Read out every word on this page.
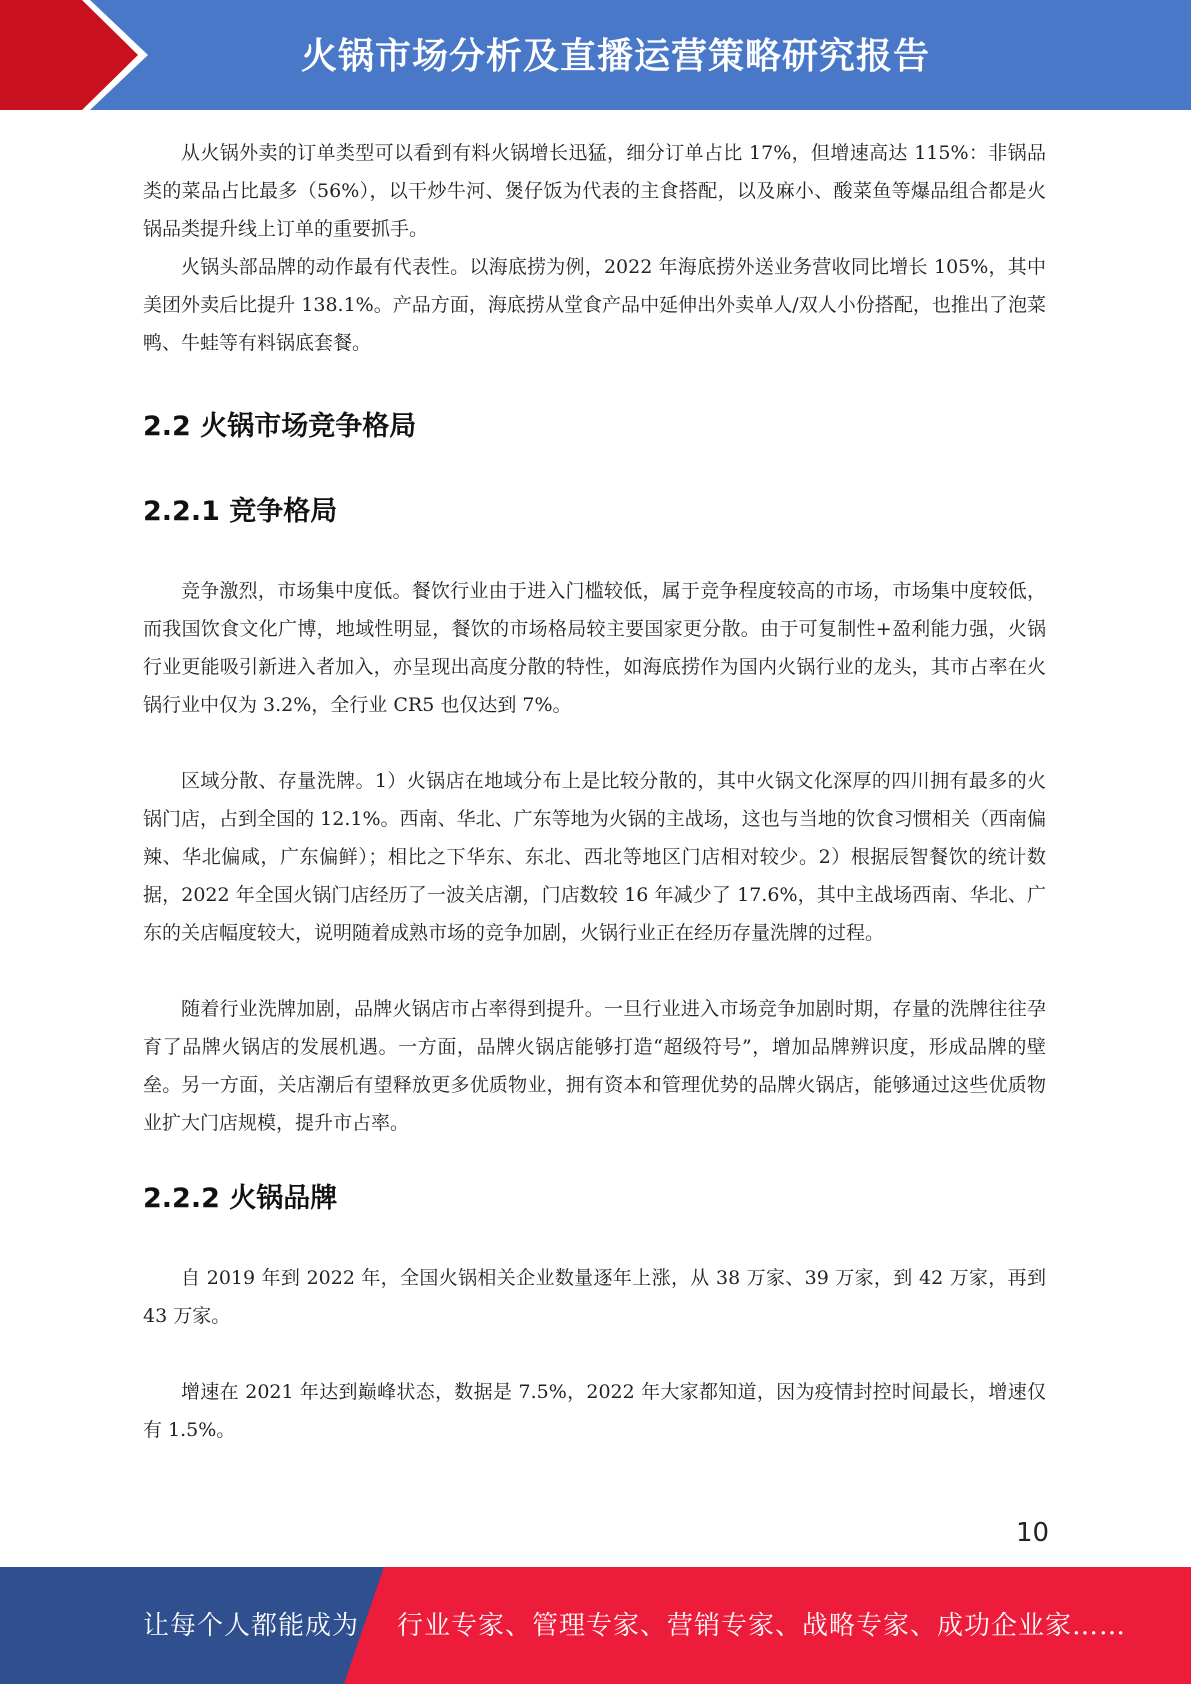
火锅市场分析及直播运营策略研究报告

从火锅外卖的订单类型可以看到有料火锅增长迅猛，细分订单占比 17%，但增速高达 115%：非锅品类的菜品占比最多（56%），以干炒牛河、煲仔饭为代表的主食搭配，以及麻小、酸菜鱼等爆品组合都是火锅品类提升线上订单的重要抓手。

火锅头部品牌的动作最有代表性。以海底捞为例，2022 年海底捞外送业务营收同比增长 105%，其中美团外卖后比提升 138.1%。产品方面，海底捞从堂食产品中延伸出外卖单人/双人小份搭配，也推出了泡菜鸭、牛蛙等有料锅底套餐。

2.2 火锅市场竞争格局
2.2.1 竞争格局

竞争激烈，市场集中度低。餐饮行业由于进入门槛较低，属于竞争程度较高的市场，市场集中度较低，而我国饮食文化广博，地域性明显，餐饮的市场格局较主要国家更分散。由于可复制性+盈利能力强，火锅行业更能吸引新进入者加入，亦呈现出高度分散的特性，如海底捞作为国内火锅行业的龙头，其市占率在火锅行业中仅为 3.2%，全行业 CR5 也仅达到 7%。

区域分散、存量洗牌。1）火锅店在地域分布上是比较分散的，其中火锅文化深厚的四川拥有最多的火锅门店，占到全国的 12.1%。西南、华北、广东等地为火锅的主战场，这也与当地的饮食习惯相关（西南偏辣、华北偏咸，广东偏鲜）；相比之下华东、东北、西北等地区门店相对较少。2）根据辰智餐饮的统计数据，2022 年全国火锅门店经历了一波关店潮，门店数较 16 年减少了 17.6%，其中主战场西南、华北、广东的关店幅度较大，说明随着成熟市场的竞争加剧，火锅行业正在经历存量洗牌的过程。

随着行业洗牌加剧，品牌火锅店市占率得到提升。一旦行业进入市场竞争加剧时期，存量的洗牌往往孕育了品牌火锅店的发展机遇。一方面，品牌火锅店能够打造“超级符号”，增加品牌辨识度，形成品牌的壁垒。另一方面，关店潮后有望释放更多优质物业，拥有资本和管理优势的品牌火锅店，能够通过这些优质物业扩大门店规模，提升市占率。

2.2.2 火锅品牌

自 2019 年到 2022 年，全国火锅相关企业数量逐年上涨，从 38 万家、39 万家，到 42 万家，再到 43 万家。

增速在 2021 年达到巅峰状态，数据是 7.5%，2022 年大家都知道，因为疫情封控时间最长，增速仅有 1.5%。

10
让每个人都能成为 行业专家、管理专家、营销专家、战略专家、成功企业家……
